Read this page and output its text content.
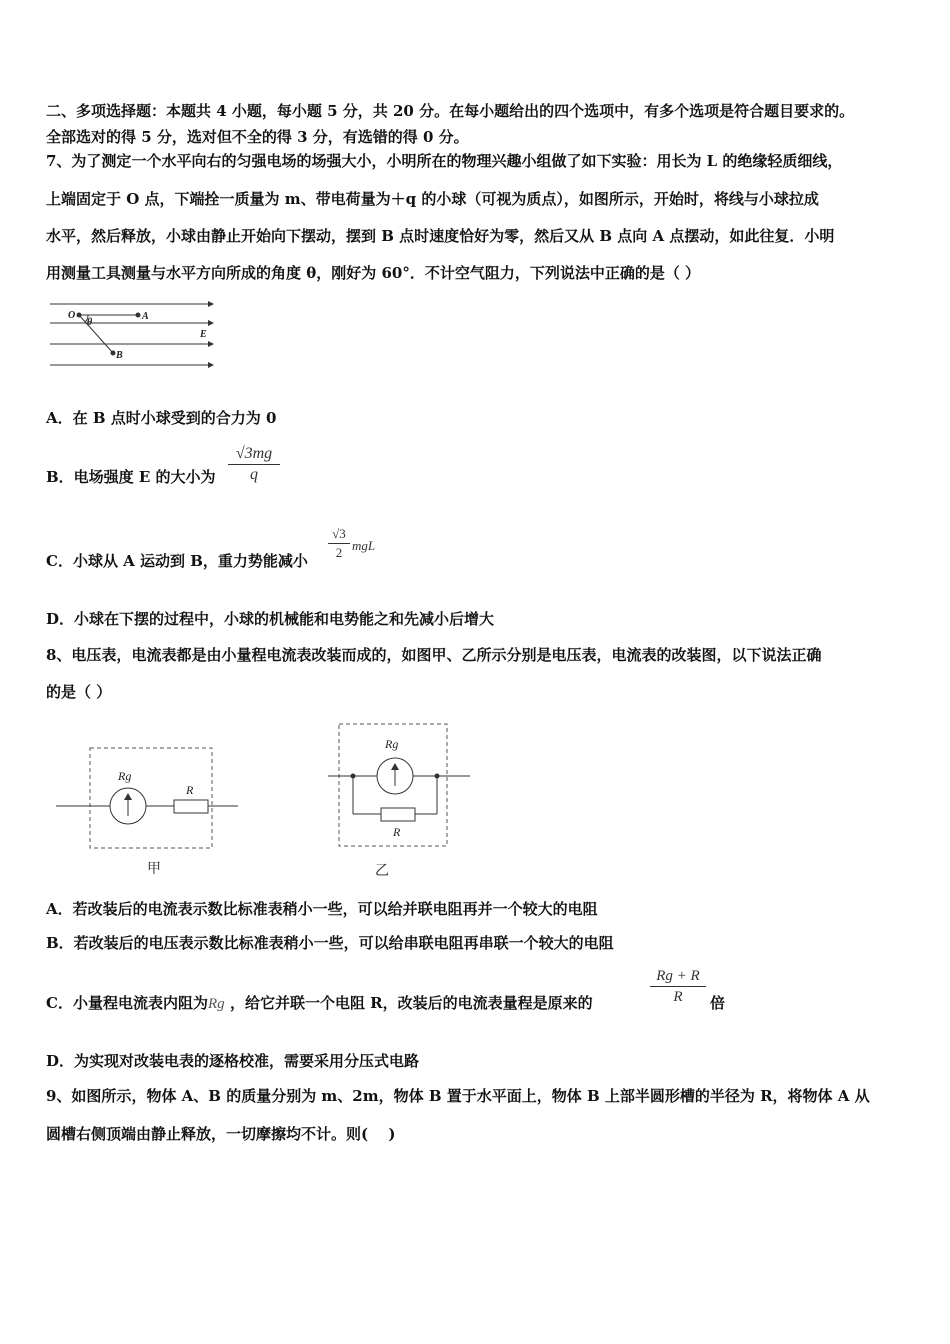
二、多项选择题：本题共 4 小题，每小题 5 分，共 20 分。在每小题给出的四个选项中，有多个选项是符合题目要求的。
全部选对的得 5 分，选对但不全的得 3 分，有选错的得 0 分。
7、为了测定一个水平向右的匀强电场的场强大小，小明所在的物理兴趣小组做了如下实验：用长为 L 的绝缘轻质细线，
上端固定于 O 点，下端拴一质量为 m、带电荷量为＋q 的小球（可视为质点），如图所示，开始时，将线与小球拉成
水平，然后释放，小球由静止开始向下摆动，摆到 B 点时速度恰好为零，然后又从 B 点向 A 点摆动，如此往复．小明
用测量工具测量与水平方向所成的角度 θ，刚好为 60°．不计空气阻力，下列说法中正确的是（ ）
O
θ
A
B
E
A．在 B 点时小球受到的合力为 0
B．电场强度 E 的大小为
√3mg
q
C．小球从 A 运动到 B，重力势能减小
√3
2 mgL
D．小球在下摆的过程中，小球的机械能和电势能之和先减小后增大
8、电压表，电流表都是由小量程电流表改装而成的，如图甲、乙所示分别是电压表，电流表的改装图，以下说法正确
的是（ ）
Rg
R
甲
Rg
R
乙
A．若改装后的电流表示数比标准表稍小一些，可以给并联电阻再并一个较大的电阻
B．若改装后的电压表示数比标准表稍小一些，可以给串联电阻再串联一个较大的电阻
C．小量程电流表内阻为Rg ，给它并联一个电阻 R，改装后的电流表量程是原来的
Rg + R
R	倍
D．为实现对改装电表的逐格校准，需要采用分压式电路
9、如图所示，物体 A、B 的质量分别为 m、2m，物体 B 置于水平面上，物体 B 上部半圆形槽的半径为 R，将物体 A 从
圆槽右侧顶端由静止释放，一切摩擦均不计。则(　 )
